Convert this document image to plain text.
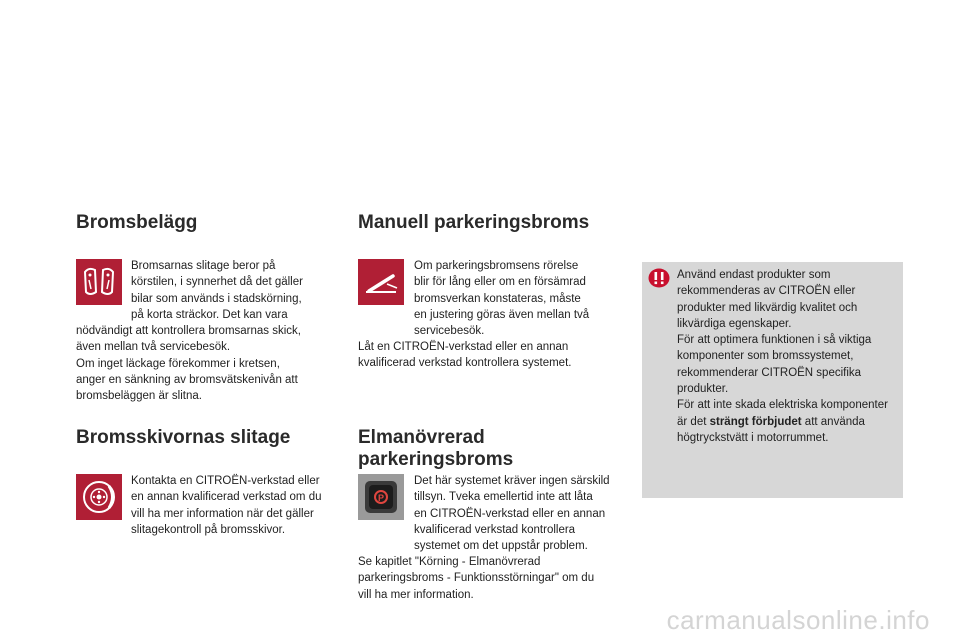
Bromsbelägg
Bromsarnas slitage beror på
körstilen, i synnerhet då det gäller
bilar som används i stadskörning,
på korta sträckor. Det kan vara
nödvändigt att kontrollera bromsarnas skick,
även mellan två servicebesök.
Om inget läckage förekommer i kretsen,
anger en sänkning av bromsvätskenivån att
bromsbeläggen är slitna.
Bromsskivornas slitage
Kontakta en CITROËN-verkstad eller
en annan kvalificerad verkstad om du
vill ha mer information när det gäller
slitagekontroll på bromsskivor.
Manuell parkeringsbroms
Om parkeringsbromsens rörelse
blir för lång eller om en försämrad
bromsverkan konstateras, måste
en justering göras även mellan två
servicebesök.
Låt en CITROËN-verkstad eller en annan
kvalificerad verkstad kontrollera systemet.
Elmanövrerad
parkeringsbroms
P
Det här systemet kräver ingen särskild
tillsyn. Tveka emellertid inte att låta
en CITROËN-verkstad eller en annan
kvalificerad verkstad kontrollera
systemet om det uppstår problem.
Se kapitlet "Körning - Elmanövrerad
parkeringsbroms - Funktionsstörningar" om du
vill ha mer information.
Använd endast produkter som
rekommenderas av CITROËN eller
produkter med likvärdig kvalitet och
likvärdiga egenskaper.
För att optimera funktionen i så viktiga
komponenter som bromssystemet,
rekommenderar CITROËN specifika
produkter.
För att inte skada elektriska komponenter
är det strängt förbjudet att använda
högtryckstvätt i motorrummet.
carmanualsonline.info
